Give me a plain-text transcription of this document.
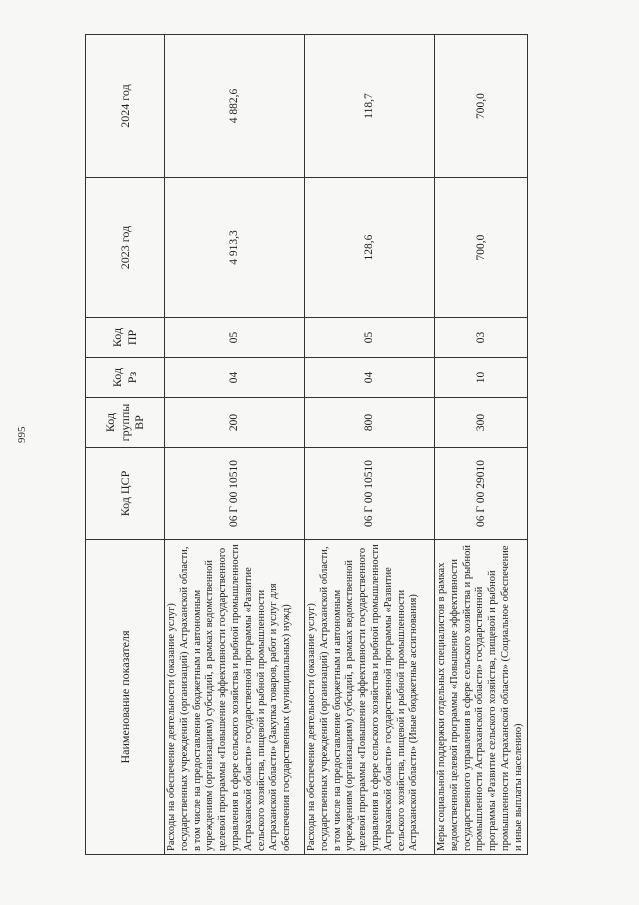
995
Наименование показателя	Код ЦСР	Код группы ВР	Код Рз	Код ПР	2023 год	2024 год
Расходы на обеспечение деятельности (оказание услуг) государственных учреждений (организаций) Астраханской области, в том числе на предоставление бюджетным и автономным учреждениям (организациям) субсидий, в рамках ведомственной целевой программы «Повышение эффективности государственного управления в сфере сельского хозяйства и рыбной промышленности Астраханской области» государственной программы «Развитие сельского хозяйства, пищевой и рыбной промышленности Астраханской области» (Закупка товаров, работ и услуг для обеспечения государственных (муниципальных) нужд)	06 Г 00 10510	200	04	05	4 913,3	4 882,6
Расходы на обеспечение деятельности (оказание услуг) государственных учреждений (организаций) Астраханской области, в том числе на предоставление бюджетным и автономным учреждениям (организациям) субсидий, в рамках ведомственной целевой программы «Повышение эффективности государственного управления в сфере сельского хозяйства и рыбной промышленности Астраханской области» государственной программы «Развитие сельского хозяйства, пищевой и рыбной промышленности Астраханской области» (Иные бюджетные ассигнования)	06 Г 00 10510	800	04	05	128,6	118,7
Меры социальной поддержки отдельных специалистов в рамках ведомственной целевой программы «Повышение эффективности государственного управления в сфере сельского хозяйства и рыбной промышленности Астраханской области» государственной программы «Развитие сельского хозяйства, пищевой и рыбной промышленности Астраханской области» (Социальное обеспечение и иные выплаты населению)	06 Г 00 29010	300	10	03	700,0	700,0
